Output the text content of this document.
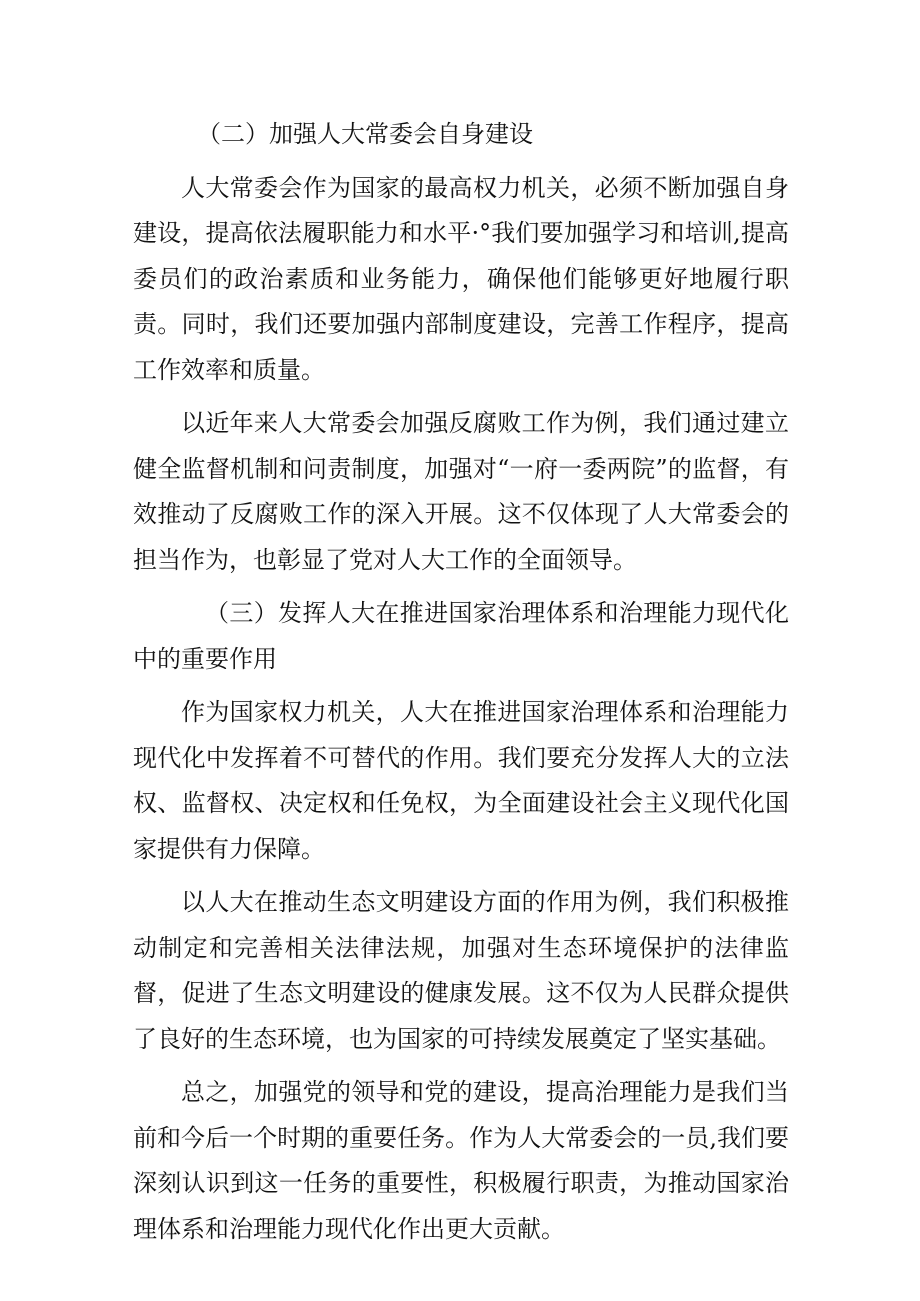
（二）加强人大常委会自身建设

人大常委会作为国家的最高权力机关，必须不断加强自身建设，提高依法履职能力和水平·°我们要加强学习和培训,提高委员们的政治素质和业务能力，确保他们能够更好地履行职责。同时，我们还要加强内部制度建设，完善工作程序，提高工作效率和质量。

以近年来人大常委会加强反腐败工作为例，我们通过建立健全监督机制和问责制度，加强对“一府一委两院”的监督，有效推动了反腐败工作的深入开展。这不仅体现了人大常委会的担当作为，也彰显了党对人大工作的全面领导。

（三）发挥人大在推进国家治理体系和治理能力现代化中的重要作用

作为国家权力机关，人大在推进国家治理体系和治理能力现代化中发挥着不可替代的作用。我们要充分发挥人大的立法权、监督权、决定权和任免权，为全面建设社会主义现代化国家提供有力保障。

以人大在推动生态文明建设方面的作用为例，我们积极推动制定和完善相关法律法规，加强对生态环境保护的法律监督，促进了生态文明建设的健康发展。这不仅为人民群众提供了良好的生态环境，也为国家的可持续发展奠定了坚实基础。

总之，加强党的领导和党的建设，提高治理能力是我们当前和今后一个时期的重要任务。作为人大常委会的一员,我们要深刻认识到这一任务的重要性，积极履行职责，为推动国家治理体系和治理能力现代化作出更大贡献。
